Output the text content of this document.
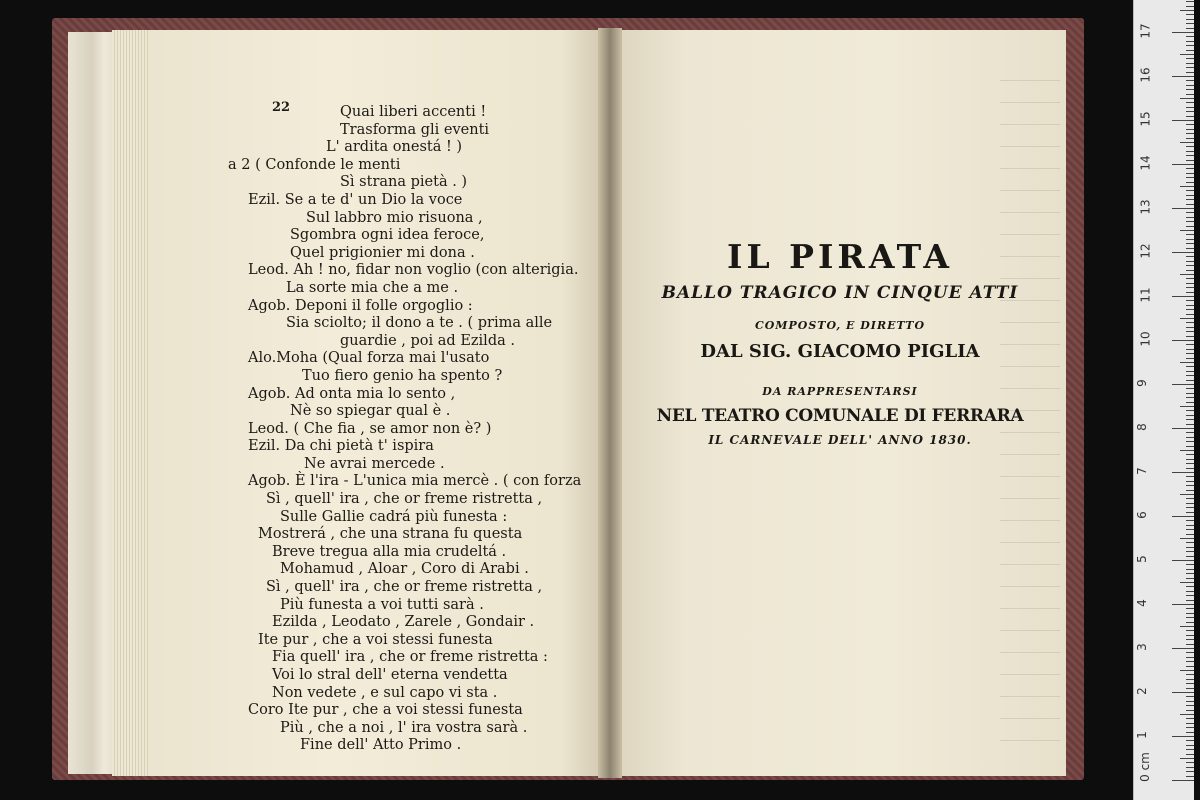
22	Quai liberi accenti !
Trasforma gli eventi
L' ardita onestá ! )
a 2 ( Confonde le menti
Sì strana pietà . )
Ezil. Se a te d' un Dio la voce
Sul labbro mio risuona ,
Sgombra ogni idea feroce,
Quel prigionier mi dona .
Leod. Ah ! no, fidar non voglio (con alterigia.
La sorte mia che a me .
Agob. Deponi il folle orgoglio :
Sia sciolto; il dono a te . ( prima alle
guardie , poi ad Ezilda .
Alo.Moha (Qual forza mai l'usato
Tuo fiero genio ha spento ?
Agob. Ad onta mia lo sento ,
Nè so spiegar qual è .
Leod. ( Che fia , se amor non è? )
Ezil. Da chi pietà t' ispira
Ne avrai mercede .
Agob. È l'ira - L'unica mia mercè . ( con forza
Sì , quell' ira , che or freme ristretta ,
Sulle Gallie cadrá più funesta :
Mostrerá , che una strana fu questa
Breve tregua alla mia crudeltá .
Mohamud , Aloar , Coro di Arabi .
Sì , quell' ira , che or freme ristretta ,
Più funesta a voi tutti sarà .
Ezilda , Leodato , Zarele , Gondair .
Ite pur , che a voi stessi funesta
Fia quell' ira , che or freme ristretta :
Voi lo stral dell' eterna vendetta
Non vedete , e sul capo vi sta .
Coro Ite pur , che a voi stessi funesta
Più , che a noi , l' ira vostra sarà .
Fine dell' Atto Primo .
IL PIRATA
BALLO TRAGICO IN CINQUE ATTI
COMPOSTO, E DIRETTO
DAL SIG. GIACOMO PIGLIA
DA RAPPRESENTARSI
NEL TEATRO COMUNALE DI FERRARA
IL CARNEVALE DELL' ANNO 1830.
17
16
15
14
13
12
11
10
9
8
7
6
5
4
3
2
1
0 cm
